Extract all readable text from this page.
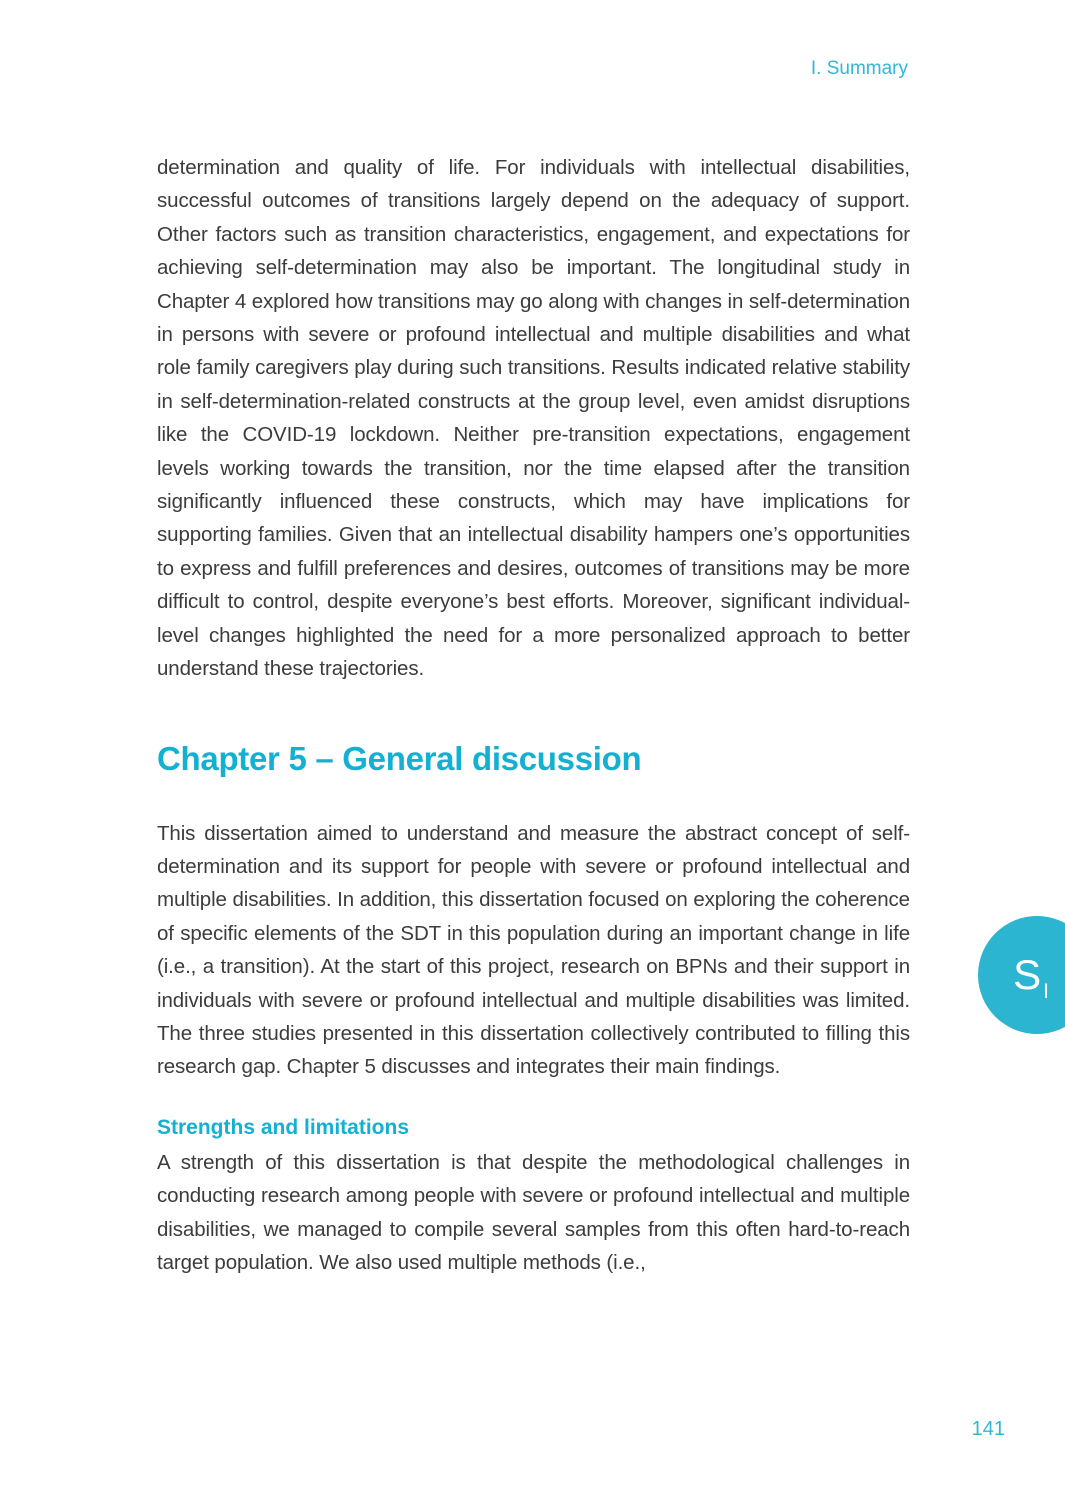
I. Summary

determination and quality of life. For individuals with intellectual disabilities, successful outcomes of transitions largely depend on the adequacy of support. Other factors such as transition characteristics, engagement, and expectations for achieving self-determination may also be important. The longitudinal study in Chapter 4 explored how transitions may go along with changes in self-determination in persons with severe or profound intellectual and multiple disabilities and what role family caregivers play during such transitions. Results indicated relative stability in self-determination-related constructs at the group level, even amidst disruptions like the COVID-19 lockdown. Neither pre-transition expectations, engagement levels working towards the transition, nor the time elapsed after the transition significantly influenced these constructs, which may have implications for supporting families. Given that an intellectual disability hampers one’s opportunities to express and fulfill preferences and desires, outcomes of transitions may be more difficult to control, despite everyone’s best efforts. Moreover, significant individual-level changes highlighted the need for a more personalized approach to better understand these trajectories.

Chapter 5 – General discussion

This dissertation aimed to understand and measure the abstract concept of self-determination and its support for people with severe or profound intellectual and multiple disabilities. In addition, this dissertation focused on exploring the coherence of specific elements of the SDT in this population during an important change in life (i.e., a transition). At the start of this project, research on BPNs and their support in individuals with severe or profound intellectual and multiple disabilities was limited. The three studies presented in this dissertation collectively contributed to filling this research gap. Chapter 5 discusses and integrates their main findings.

Strengths and limitations

A strength of this dissertation is that despite the methodological challenges in conducting research among people with severe or profound intellectual and multiple disabilities, we managed to compile several samples from this often hard-to-reach target population. We also used multiple methods (i.e.,

S I
141
